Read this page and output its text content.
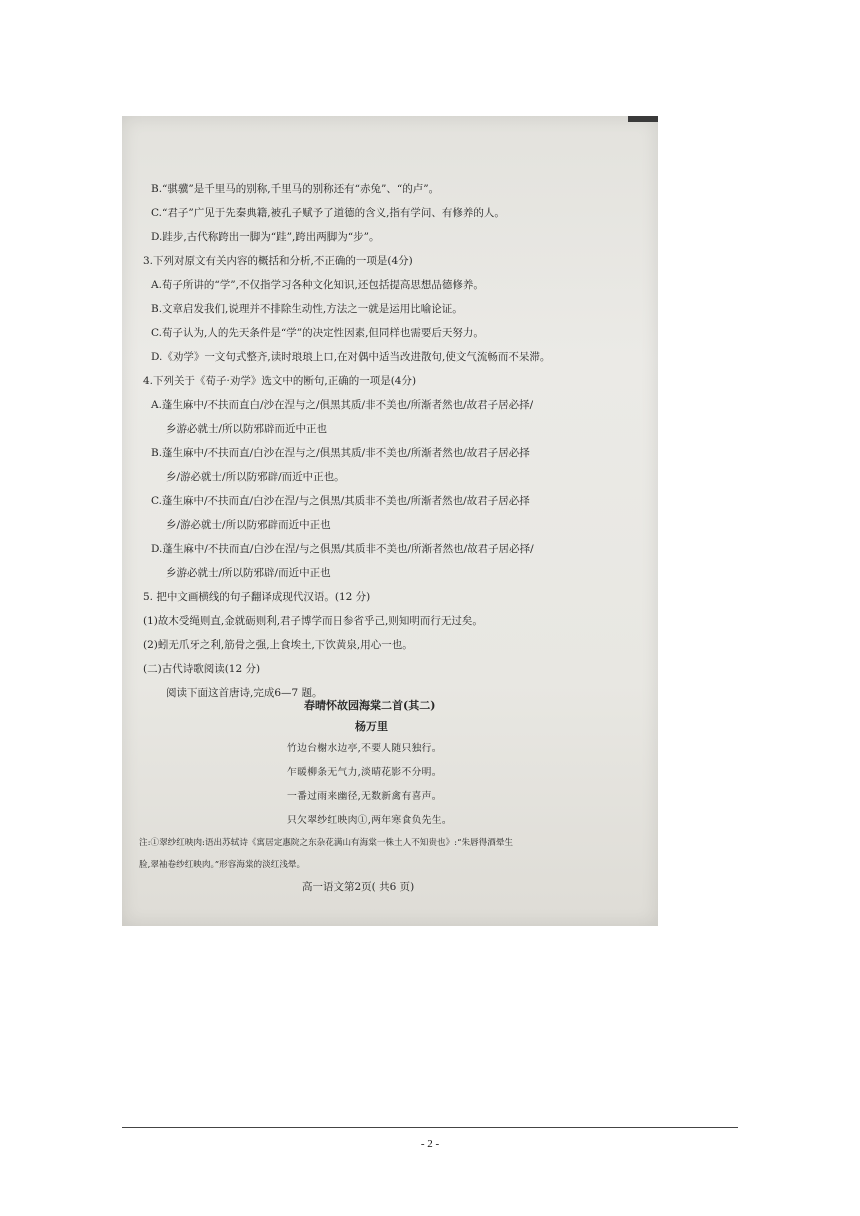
B.“骐骥”是千里马的别称,千里马的别称还有“赤兔”、“的卢”。
C.“君子”广见于先秦典籍,被孔子赋予了道德的含义,指有学问、有修养的人。
D.跬步,古代称跨出一脚为“跬”,跨出两脚为“步”。
3.下列对原文有关内容的概括和分析,不正确的一项是(4分)
A.荀子所讲的“学”,不仅指学习各种文化知识,还包括提高思想品德修养。
B.文章启发我们,说理并不排除生动性,方法之一就是运用比喻论证。
C.荀子认为,人的先天条件是“学”的决定性因素,但同样也需要后天努力。
D.《劝学》一文句式整齐,读时琅琅上口,在对偶中适当改进散句,使文气流畅而不呆滞。
4.下列关于《荀子·劝学》选文中的断句,正确的一项是(4分)
A.蓬生麻中/不扶而直白/沙在涅与之/俱黑其质/非不美也/所渐者然也/故君子居必择/
乡游必就士/所以防邪辟而近中正也
B.蓬生麻中/不扶而直/白沙在涅与之/俱黑其质/非不美也/所渐者然也/故君子居必择
乡/游必就士/所以防邪辟/而近中正也。
C.蓬生麻中/不扶而直/白沙在涅/与之俱黑/其质非不美也/所渐者然也/故君子居必择
乡/游必就士/所以防邪辟而近中正也
D.蓬生麻中/不扶而直/白沙在涅/与之俱黑/其质非不美也/所渐者然也/故君子居必择/
乡游必就士/所以防邪辟/而近中正也
5. 把中文画横线的句子翻译成现代汉语。(12 分)
(1)故木受绳则直,金就砺则利,君子博学而日参省乎己,则知明而行无过矣。
(2)蚓无爪牙之利,筋骨之强,上食埃土,下饮黄泉,用心一也。
(二)古代诗歌阅读(12 分)
阅读下面这首唐诗,完成6—7 题。
春晴怀故园海棠二首(其二)
杨万里
竹边台榭水边亭,不要人随只独行。
乍暖柳条无气力,淡晴花影不分明。
一番过雨来幽径,无数新禽有喜声。
只欠翠纱红映肉①,两年寒食负先生。
注:①翠纱红映肉:语出苏轼诗《寓居定惠院之东杂花满山有海棠一株土人不知贵也》:“朱唇得酒晕生
脸,翠袖卷纱红映肉。”形容海棠的淡红浅晕。
高一语文第2页( 共6 页)
- 2 -
